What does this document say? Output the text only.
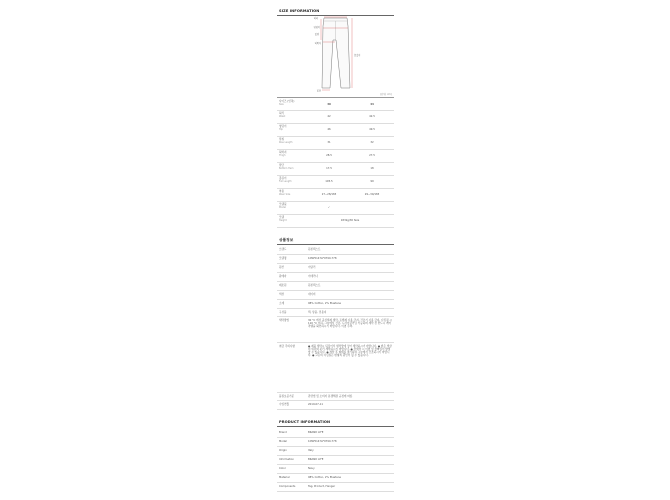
SIZE INFORMATION
허리
엉덩이
밑위
허벅지
총길이
밑단
(단위: cm)
사이즈 (인치)
Size	30	44
허리
Waist	42	42.5
엉덩이
Hip	46	49.5
밑위
Rise Length	31	32
허벅지
Thigh	28.5	27.5
밑단
Bottom Hem	17.5	18
총길이
Full Length	105.5	99
착용
Wear Size	27~28/183	29~30/183
모델핏
Model	✓
모델
Height	183kg/30 Size
상품정보
브랜드	원본텍스트
모델명	1MW5147LF9790-778
원산	이탈리
판매자	이태리나
제조원	원본텍스트
색상	네이비
소재	98% Cotton, 2% Elastane
구성품	택, 상품, 전용지
세탁방법	30 °C 에서 중성세제 세탁, 표백제 사용 금지, 건조기 사용 금지, 다림질 시 110 °C 이하, 그늘에서 건조, 드라이클리닝 가능하며 세탁 전 반드시 케어라벨을 확인하시기 바랍니다. 이염 주의.
취급 주의사항	● 제품 세탁시 뒤집어서 세탁망에 넣어 세탁하시기 바랍니다. ● 밝은 색상의 의류와 분리 세탁하시기 바랍니다. ● 물세탁 시 이염 및 물빠짐이 발생할 수 있습니다. ● 세탁 후 형태를 정리하여 그늘에서 건조하시기 바랍니다. ● 고온의 다림질은 변형의 원인이 될 수 있습니다.
품질보증기준	관련법 및 소비자 분쟁해결 규정에 따름
수입연월	2019-07-11
PRODUCT INFORMATION
Brand	BRAND LIFE
Model	1MW5147LF9790-778
Origin	Italy
Information	BRAND LIFE
Color	Navy
Material	98% Cotton, 2% Elastane
Components	Tag, Product, Hanger
